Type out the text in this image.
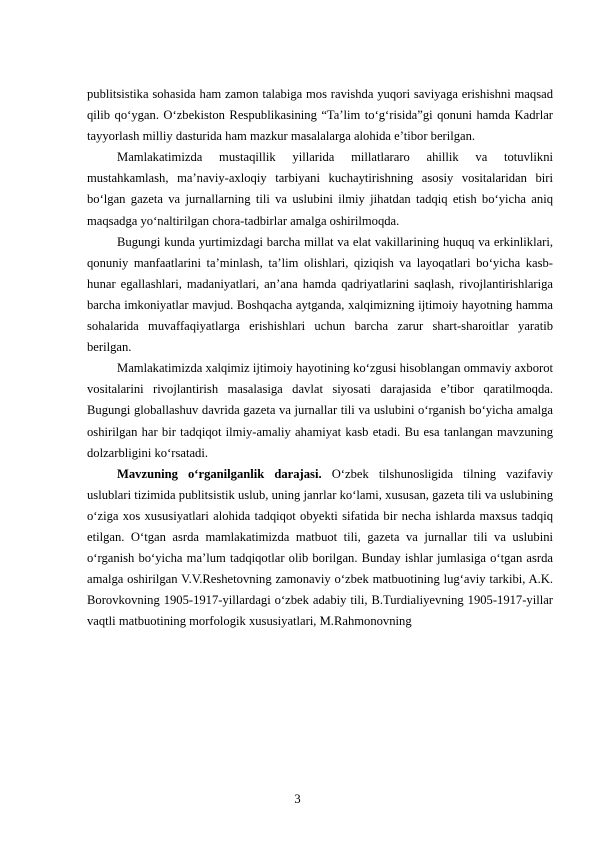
publitsistika sohasida ham zamon talabiga mos ravishda yuqori saviyaga erishishni maqsad qilib qo‘ygan. O‘zbekiston Respublikasining “Ta’lim to‘g‘risida”gi qonuni hamda Kadrlar tayyorlash milliy dasturida ham mazkur masalalarga alohida e’tibor berilgan.

Mamlakatimizda mustaqillik yillarida millatlararo ahillik va totuvlikni mustahkamlash, ma’naviy-axloqiy tarbiyani kuchaytirishning asosiy vositalaridan biri bo‘lgan gazeta va jurnallarning tili va uslubini ilmiy jihatdan tadqiq etish bo‘yicha aniq maqsadga yo‘naltirilgan chora-tadbirlar amalga oshirilmoqda.

Bugungi kunda yurtimizdagi barcha millat va elat vakillarining huquq va erkinliklari, qonuniy manfaatlarini ta’minlash, ta’lim olishlari, qiziqish va layoqatlari bo‘yicha kasb-hunar egallashlari, madaniyatlari, an’ana hamda qadriyatlarini saqlash, rivojlantirishlariga barcha imkoniyatlar mavjud. Boshqacha aytganda, xalqimizning ijtimoiy hayotning hamma sohalarida muvaffaqiyatlarga erishishlari uchun barcha zarur shart-sharoitlar yaratib berilgan.

Mamlakatimizda xalqimiz ijtimoiy hayotining ko‘zgusi hisoblangan ommaviy axborot vositalarini rivojlantirish masalasiga davlat siyosati darajasida e’tibor qaratilmoqda. Bugungi globallashuv davrida gazeta va jurnallar tili va uslubini o‘rganish bo‘yicha amalga oshirilgan har bir tadqiqot ilmiy-amaliy ahamiyat kasb etadi. Bu esa tanlangan mavzuning dolzarbligini ko‘rsatadi.

Mavzuning o‘rganilganlik darajasi. O‘zbek tilshunosligida tilning vazifaviy uslublari tizimida publitsistik uslub, uning janrlar ko‘lami, xususan, gazeta tili va uslubining o‘ziga xos xususiyatlari alohida tadqiqot obyekti sifatida bir necha ishlarda maxsus tadqiq etilgan. O‘tgan asrda mamlakatimizda matbuot tili, gazeta va jurnallar tili va uslubini o‘rganish bo‘yicha ma’lum tadqiqotlar olib borilgan. Bunday ishlar jumlasiga o‘tgan asrda amalga oshirilgan V.V.Reshetovning zamonaviy o‘zbek matbuotining lug‘aviy tarkibi, A.K. Borovkovning 1905-1917-yillardagi o‘zbek adabiy tili, B.Turdialiyevning 1905-1917-yillar vaqtli matbuotining morfologik xususiyatlari, M.Rahmonovning

3
